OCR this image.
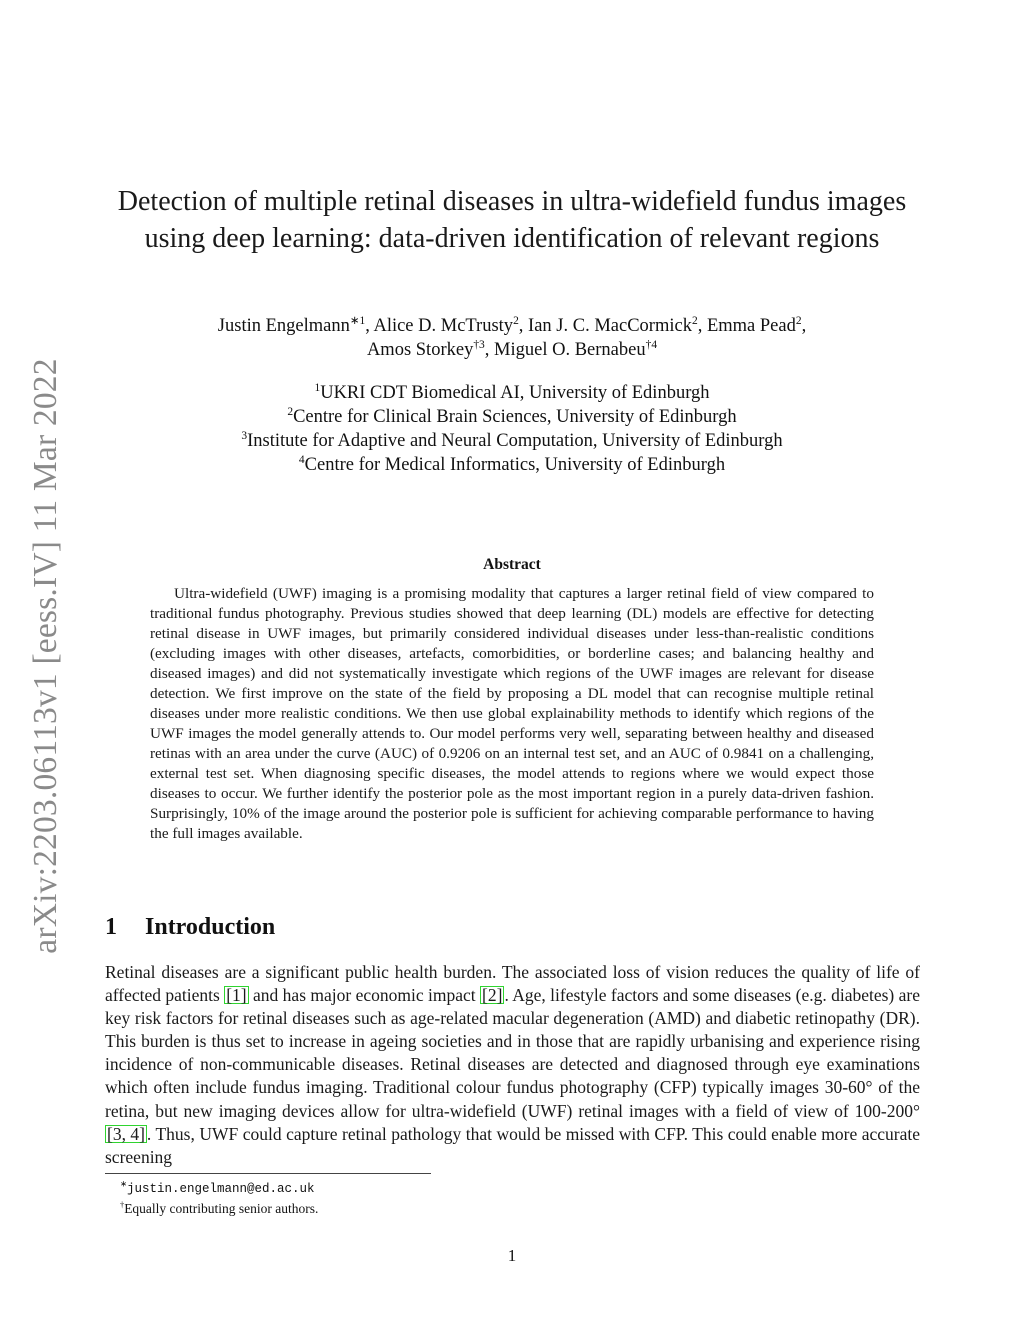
arXiv:2203.06113v1 [eess.IV] 11 Mar 2022
Detection of multiple retinal diseases in ultra-widefield fundus images using deep learning: data-driven identification of relevant regions
Justin Engelmann$^{∗1}$, Alice D. McTrusty$^2$, Ian J. C. MacCormick$^2$, Emma Pead$^2$,
Amos Storkey$^{\dagger 3}$, Miguel O. Bernabeu$^{\dagger 4}$
$^1$UKRI CDT Biomedical AI, University of Edinburgh
$^2$Centre for Clinical Brain Sciences, University of Edinburgh
$^3$Institute for Adaptive and Neural Computation, University of Edinburgh
$^4$Centre for Medical Informatics, University of Edinburgh
Abstract
Ultra-widefield (UWF) imaging is a promising modality that captures a larger retinal field of view compared to traditional fundus photography. Previous studies showed that deep learning (DL) models are effective for detecting retinal disease in UWF images, but primarily considered individual diseases under less-than-realistic conditions (excluding images with other diseases, artefacts, comorbidities, or borderline cases; and balancing healthy and diseased images) and did not systematically investigate which regions of the UWF images are relevant for disease detection. We first improve on the state of the field by proposing a DL model that can recognise multiple retinal diseases under more realistic conditions. We then use global explainability methods to identify which regions of the UWF images the model generally attends to. Our model performs very well, separating between healthy and diseased retinas with an area under the curve (AUC) of 0.9206 on an internal test set, and an AUC of 0.9841 on a challenging, external test set. When diagnosing specific diseases, the model attends to regions where we would expect those diseases to occur. We further identify the posterior pole as the most important region in a purely data-driven fashion. Surprisingly, 10% of the image around the posterior pole is sufficient for achieving comparable performance to having the full images available.
1 Introduction
Retinal diseases are a significant public health burden. The associated loss of vision reduces the quality of life of affected patients [1] and has major economic impact [2] . Age, lifestyle factors and some diseases (e.g. diabetes) are key risk factors for retinal diseases such as age-related macular degeneration (AMD) and diabetic retinopathy (DR). This burden is thus set to increase in ageing societies and in those that are rapidly urbanising and experience rising incidence of non-communicable diseases. Retinal diseases are detected and diagnosed through eye examinations which often include fundus imaging. Traditional colour fundus photography (CFP) typically images 30-60° of the retina, but new imaging devices allow for ultra-widefield (UWF) retinal images with a field of view of 100-200° [3, 4] . Thus, UWF could capture retinal pathology that would be missed with CFP. This could enable more accurate screening
∗justin.engelmann@ed.ac.uk
†Equally contributing senior authors.
1
